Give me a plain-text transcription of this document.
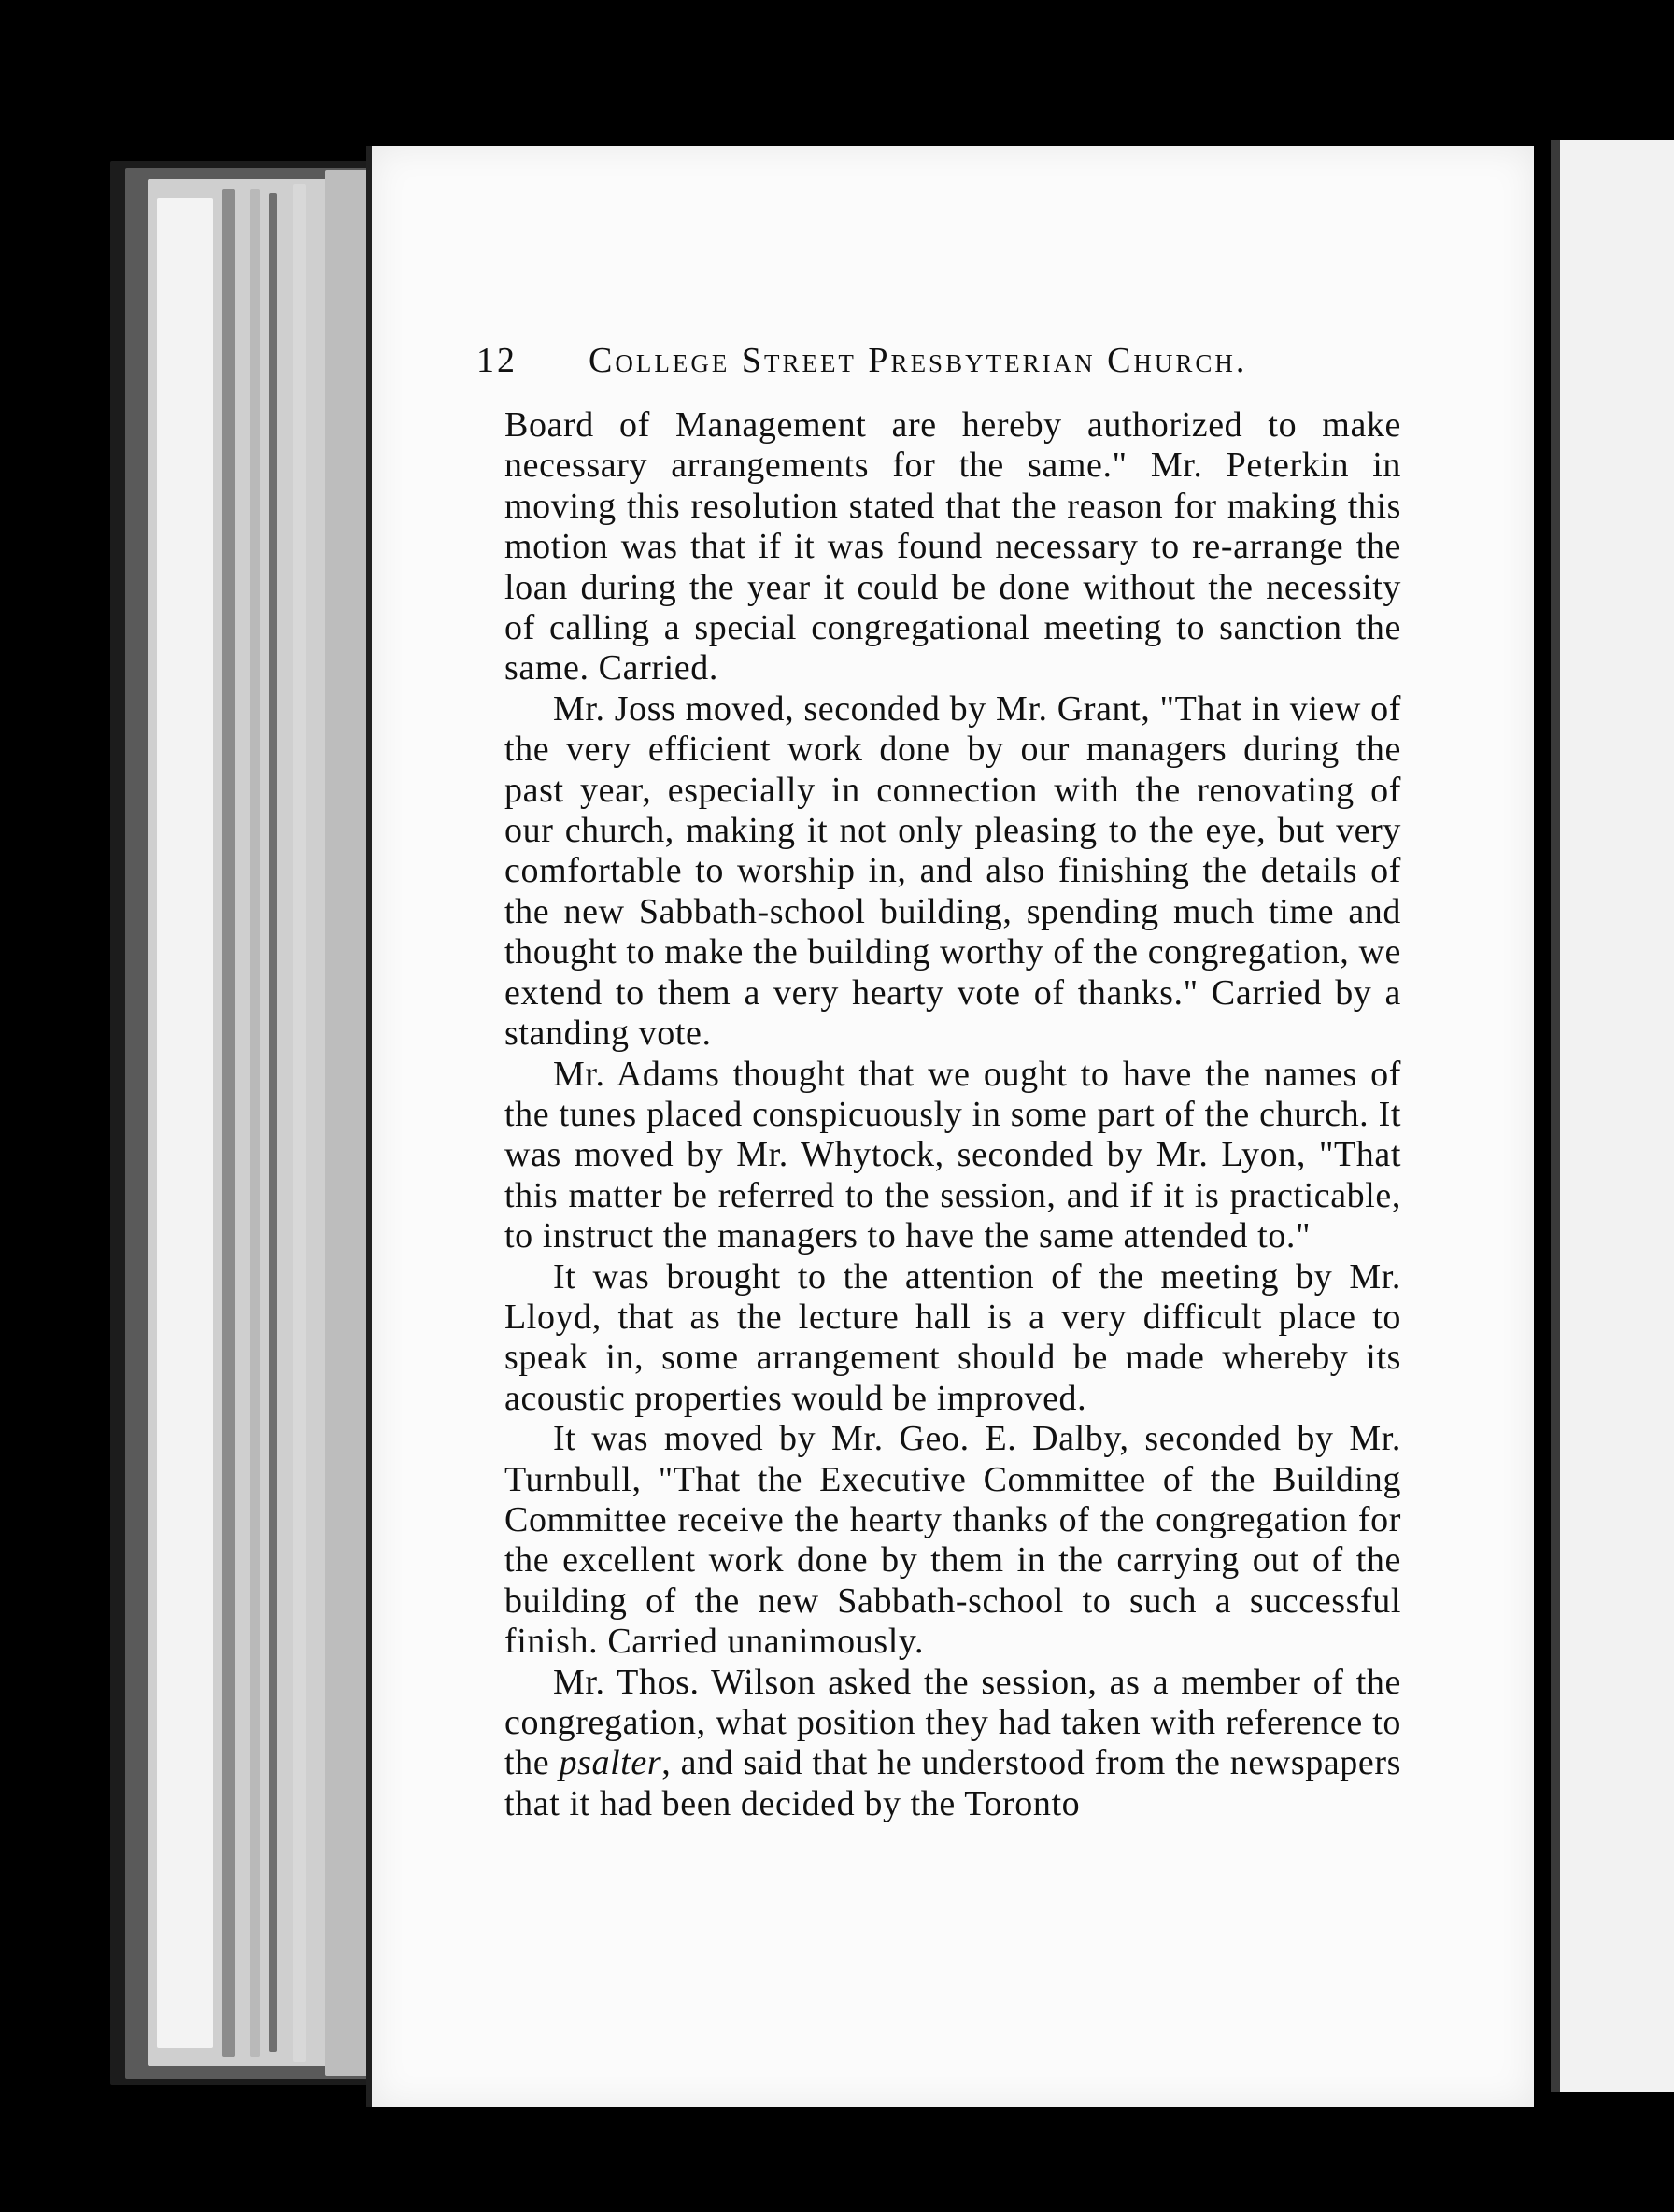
12 College Street Presbyterian Church.

Board of Management are hereby authorized to make necessary arrangements for the same." Mr. Peterkin in moving this resolution stated that the reason for making this motion was that if it was found necessary to re-arrange the loan during the year it could be done without the necessity of calling a special congregational meeting to sanction the same. Carried.

Mr. Joss moved, seconded by Mr. Grant, "That in view of the very efficient work done by our managers during the past year, especially in connection with the renovating of our church, making it not only pleasing to the eye, but very comfortable to worship in, and also finishing the details of the new Sabbath-school building, spending much time and thought to make the building worthy of the congregation, we extend to them a very hearty vote of thanks." Carried by a standing vote.

Mr. Adams thought that we ought to have the names of the tunes placed conspicuously in some part of the church. It was moved by Mr. Whytock, seconded by Mr. Lyon, "That this matter be referred to the session, and if it is practicable, to instruct the managers to have the same attended to."

It was brought to the attention of the meeting by Mr. Lloyd, that as the lecture hall is a very difficult place to speak in, some arrangement should be made whereby its acoustic properties would be improved.

It was moved by Mr. Geo. E. Dalby, seconded by Mr. Turnbull, "That the Executive Committee of the Building Committee receive the hearty thanks of the congregation for the excellent work done by them in the carrying out of the building of the new Sabbath-school to such a successful finish. Carried unanimously.

Mr. Thos. Wilson asked the session, as a member of the congregation, what position they had taken with reference to the psalter, and said that he understood from the newspapers that it had been decided by the Toronto
